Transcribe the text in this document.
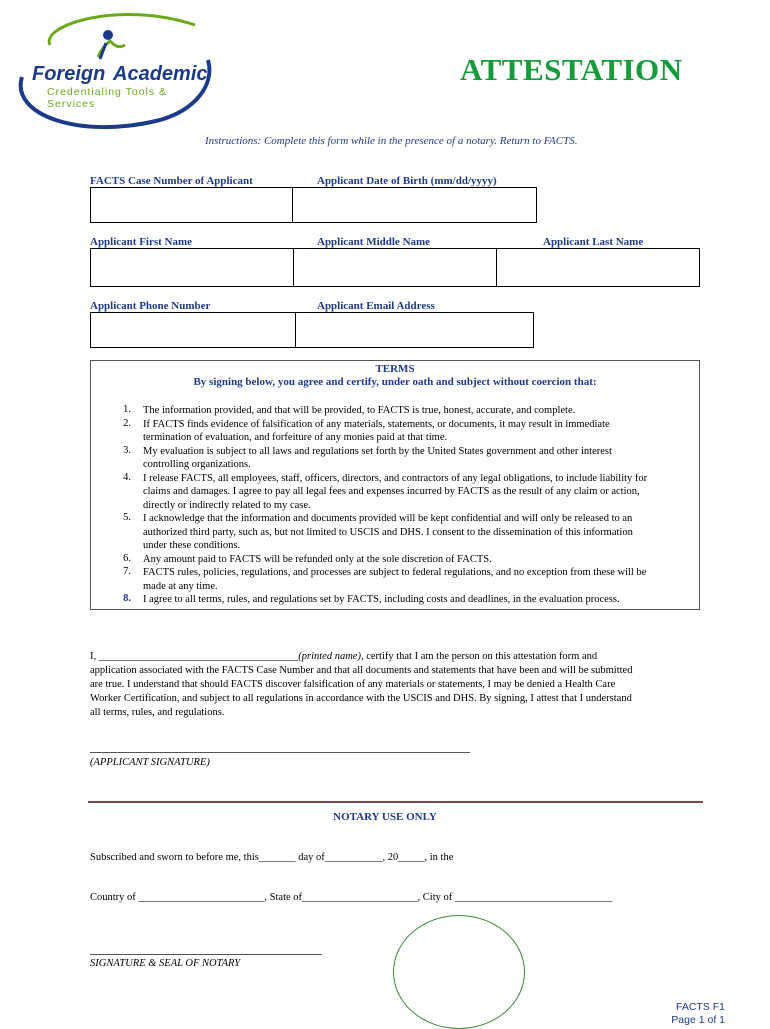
Foreign Academic
Credentialing Tools & Services
ATTESTATION
Instructions: Complete this form while in the presence of a notary. Return to FACTS.
FACTS Case Number of Applicant	Applicant Date of Birth (mm/dd/yyyy)
Applicant First Name	Applicant Middle Name	Applicant Last Name
Applicant Phone Number	Applicant Email Address
TERMS
By signing below, you agree and certify, under oath and subject without coercion that:
1. The information provided, and that will be provided, to FACTS is true, honest, accurate, and complete.
2. If FACTS finds evidence of falsification of any materials, statements, or documents, it may result in immediate
termination of evaluation, and forfeiture of any monies paid at that time.
3. My evaluation is subject to all laws and regulations set forth by the United States government and other interest
controlling organizations.
4. I release FACTS, all employees, staff, officers, directors, and contractors of any legal obligations, to include liability for
claims and damages. I agree to pay all legal fees and expenses incurred by FACTS as the result of any claim or action,
directly or indirectly related to my case.
5. I acknowledge that the information and documents provided will be kept confidential and will only be released to an
authorized third party, such as, but not limited to USCIS and DHS. I consent to the dissemination of this information
under these conditions.
6. Any amount paid to FACTS will be refunded only at the sole discretion of FACTS.
7. FACTS rules, policies, regulations, and processes are subject to federal regulations, and no exception from these will be
made at any time.
8. I agree to all terms, rules, and regulations set by FACTS, including costs and deadlines, in the evaluation process.
I, ______________________________________(printed name), certify that I am the person on this attestation form and
application associated with the FACTS Case Number and that all documents and statements that have been and will be submitted
are true. I understand that should FACTS discover falsification of any materials or statements, I may be denied a Health Care
Worker Certification, and subject to all regulations in accordance with the USCIS and DHS. By signing, I attest that I understand
all terms, rules, and regulations.
(APPLICANT SIGNATURE)
NOTARY USE ONLY
Subscribed and sworn to before me, this_______ day of___________, 20_____, in the
Country of ________________________, State of______________________, City of ______________________________
SIGNATURE & SEAL OF NOTARY
FACTS F1
Page 1 of 1
